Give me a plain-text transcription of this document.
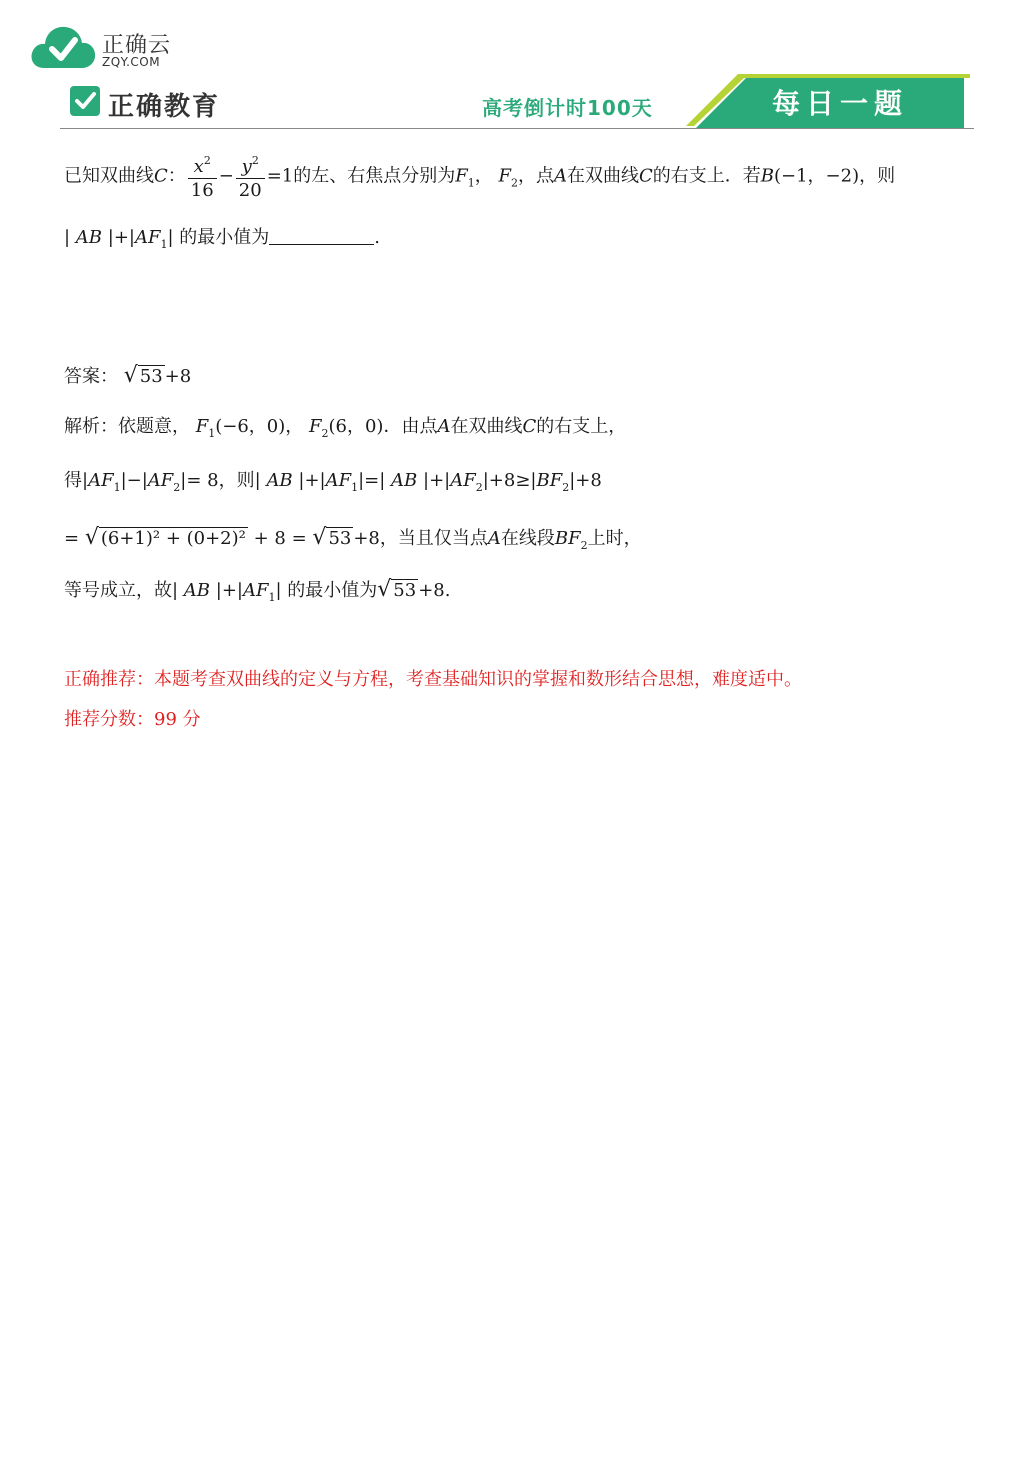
正确云
ZQY.COM
正确教育	高考倒计时100天	每日一题
已知双曲线C： $\frac{x^2}{16} - \frac{y^2}{20} =1$的左、右焦点分别为$F_1$， $F_2$，点A在双曲线C的右支上．若B(−1，−2)，则
| AB $|+|AF_1|$ 的最小值为	.
答案： √ 53 +8
解析：依题意， $F_1(-6$，0)， $F_2(6$，0)．由点A在双曲线C的右支上，
得$|AF_1|-|AF_2|= 8$，则| AB $|+|AF_1|=|$ AB $|+|AF_2|+8\ge|BF_2|+8$
= √ (6+1)² + (0+2)² + 8 = √ 53 +8，当且仅当点A在线段$BF_2$上时，
等号成立，故| AB $|+|AF_1|$ 的最小值为√ 53 +8.
正确推荐：本题考查双曲线的定义与方程，考查基础知识的掌握和数形结合思想，难度适中。
推荐分数：99 分
